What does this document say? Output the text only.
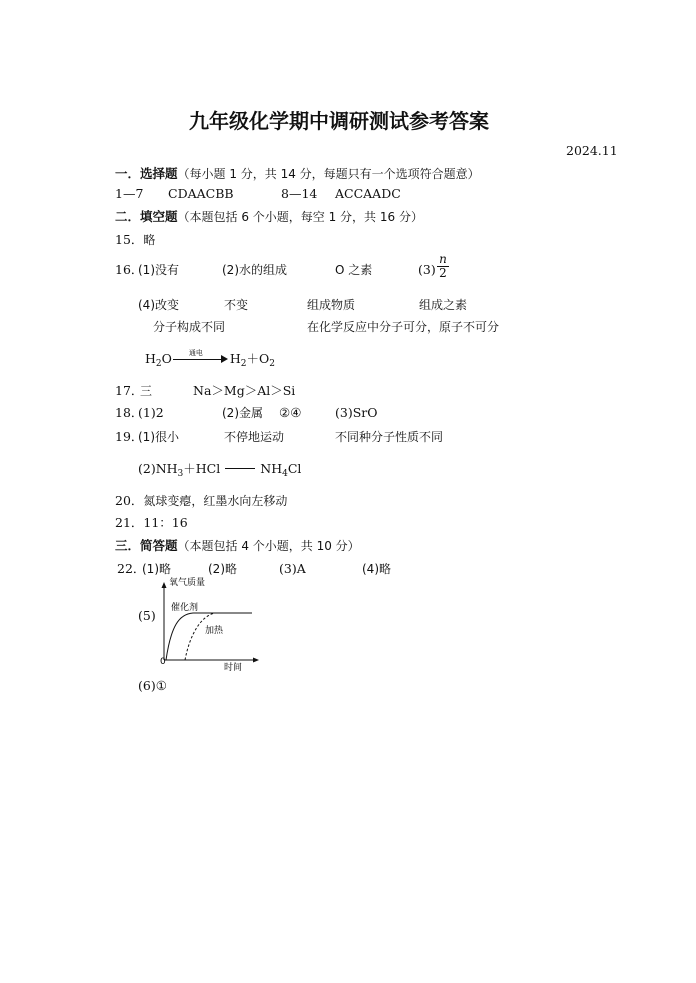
九年级化学期中调研测试参考答案
2024.11
一．选择题（每小题 1 分，共 14 分，每题只有一个选项符合题意）
1—7 CDAACBB	8—14 ACCAADC
二．填空题（本题包括 6 个小题，每空 1 分，共 16 分）
15．略
16．
(1)没有	(2)水的组成	O 之素	$(3) \frac{n}{2}$
(4)改变	不变	组成物质	组成之素
分子构成不同	在化学反应中分子可分，原子不可分
$H_2O$ 通电 $H_2+O_2$
17．
三	Na＞Mg＞Al＞Si
18．
(1)2	(2)金属 ②④	(3)SrO
19．
(1)很小	不停地运动	不同种分子性质不同
$(2)NH_3+HCl$	$NH_4Cl$
20．氮球变瘪，红墨水向左移动
21．11：16
三．简答题（本题包括 4 个小题，共 10 分）
22．
(1)略	(2)略	(3)A	(4)略
(5)
氧气质量
时间
0
催化剂
加热
(6)①
